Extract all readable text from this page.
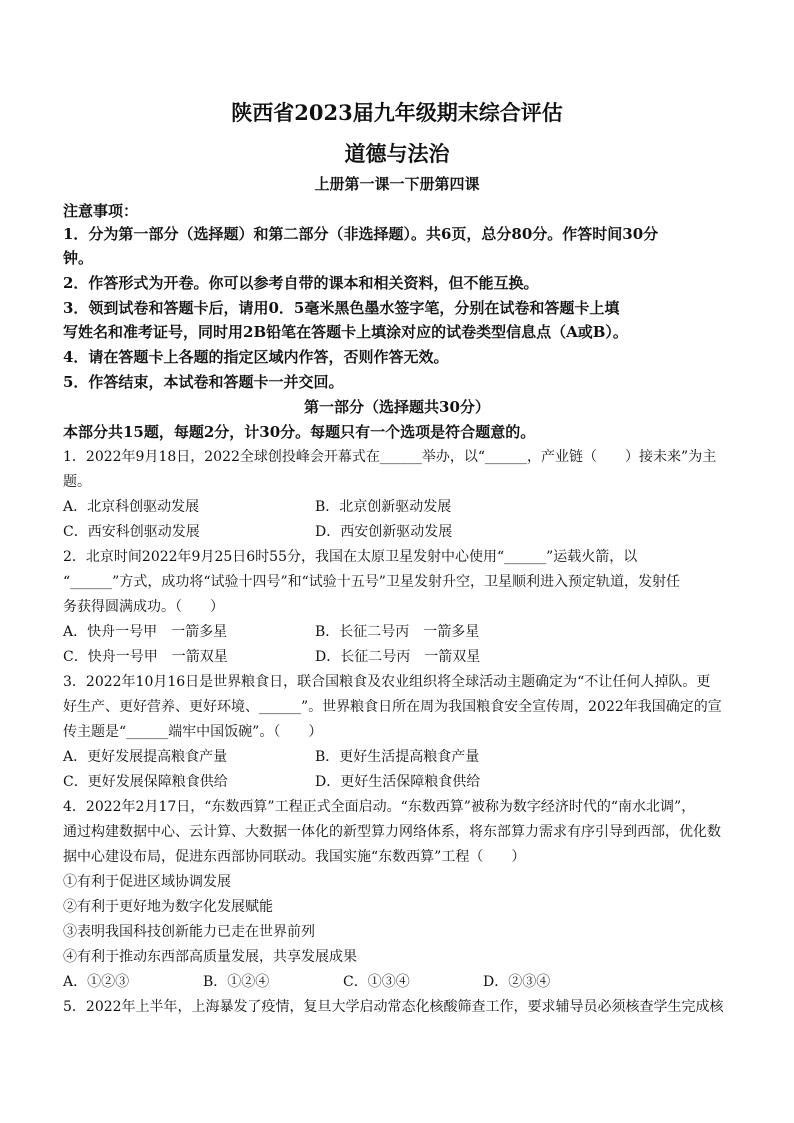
陕西省2023届九年级期末综合评估
道德与法治
上册第一课一下册第四课
注意事项：
1．分为第一部分（选择题）和第二部分（非选择题）。共6页，总分80分。作答时间30分
钟。
2．作答形式为开卷。你可以参考自带的课本和相关资料，但不能互换。
3．领到试卷和答题卡后，请用0．5毫米黑色墨水签字笔，分别在试卷和答题卡上填
写姓名和准考证号，同时用2B铅笔在答题卡上填涂对应的试卷类型信息点（A或B）。
4．请在答题卡上各题的指定区域内作答，否则作答无效。
5．作答结束，本试卷和答题卡一并交回。
第一部分（选择题共30分）
本部分共15题，每题2分，计30分。每题只有一个选项是符合题意的。
1．2022年9月18日，2022全球创投峰会开幕式在______举办，以“______，产业链（　　）接未来”为主
题。
A．北京科创驱动发展	B．北京创新驱动发展
C．西安科创驱动发展	D．西安创新驱动发展
2．北京时间2022年9月25日6时55分，我国在太原卫星发射中心使用“______”运载火箭，以
“______”方式，成功将“试验十四号”和“试验十五号”卫星发射升空，卫星顺利进入预定轨道，发射任
务获得圆满成功。（　　）
A．快舟一号甲　一箭多星	B．长征二号丙　一箭多星
C．快舟一号甲　一箭双星	D．长征二号丙　一箭双星
3．2022年10月16日是世界粮食日，联合国粮食及农业组织将全球活动主题确定为“不让任何人掉队。更
好生产、更好营养、更好环境、______”。世界粮食日所在周为我国粮食安全宣传周，2022年我国确定的宣
传主题是“______端牢中国饭碗”。（　　）
A．更好发展提高粮食产量	B．更好生活提高粮食产量
C．更好发展保障粮食供给	D．更好生活保障粮食供给
4．2022年2月17日，“东数西算”工程正式全面启动。“东数西算”被称为数字经济时代的“南水北调”，
通过构建数据中心、云计算、大数据一体化的新型算力网络体系，将东部算力需求有序引导到西部，优化数
据中心建设布局，促进东西部协同联动。我国实施“东数西算”工程（　　）
①有利于促进区域协调发展
②有利于更好地为数字化发展赋能
③表明我国科技创新能力已走在世界前列
④有利于推动东西部高质量发展，共享发展成果
A．①②③	B．①②④	C．①③④	D．②③④
5．2022年上半年，上海暴发了疫情，复旦大学启动常态化核酸筛查工作，要求辅导员必须核查学生完成核
